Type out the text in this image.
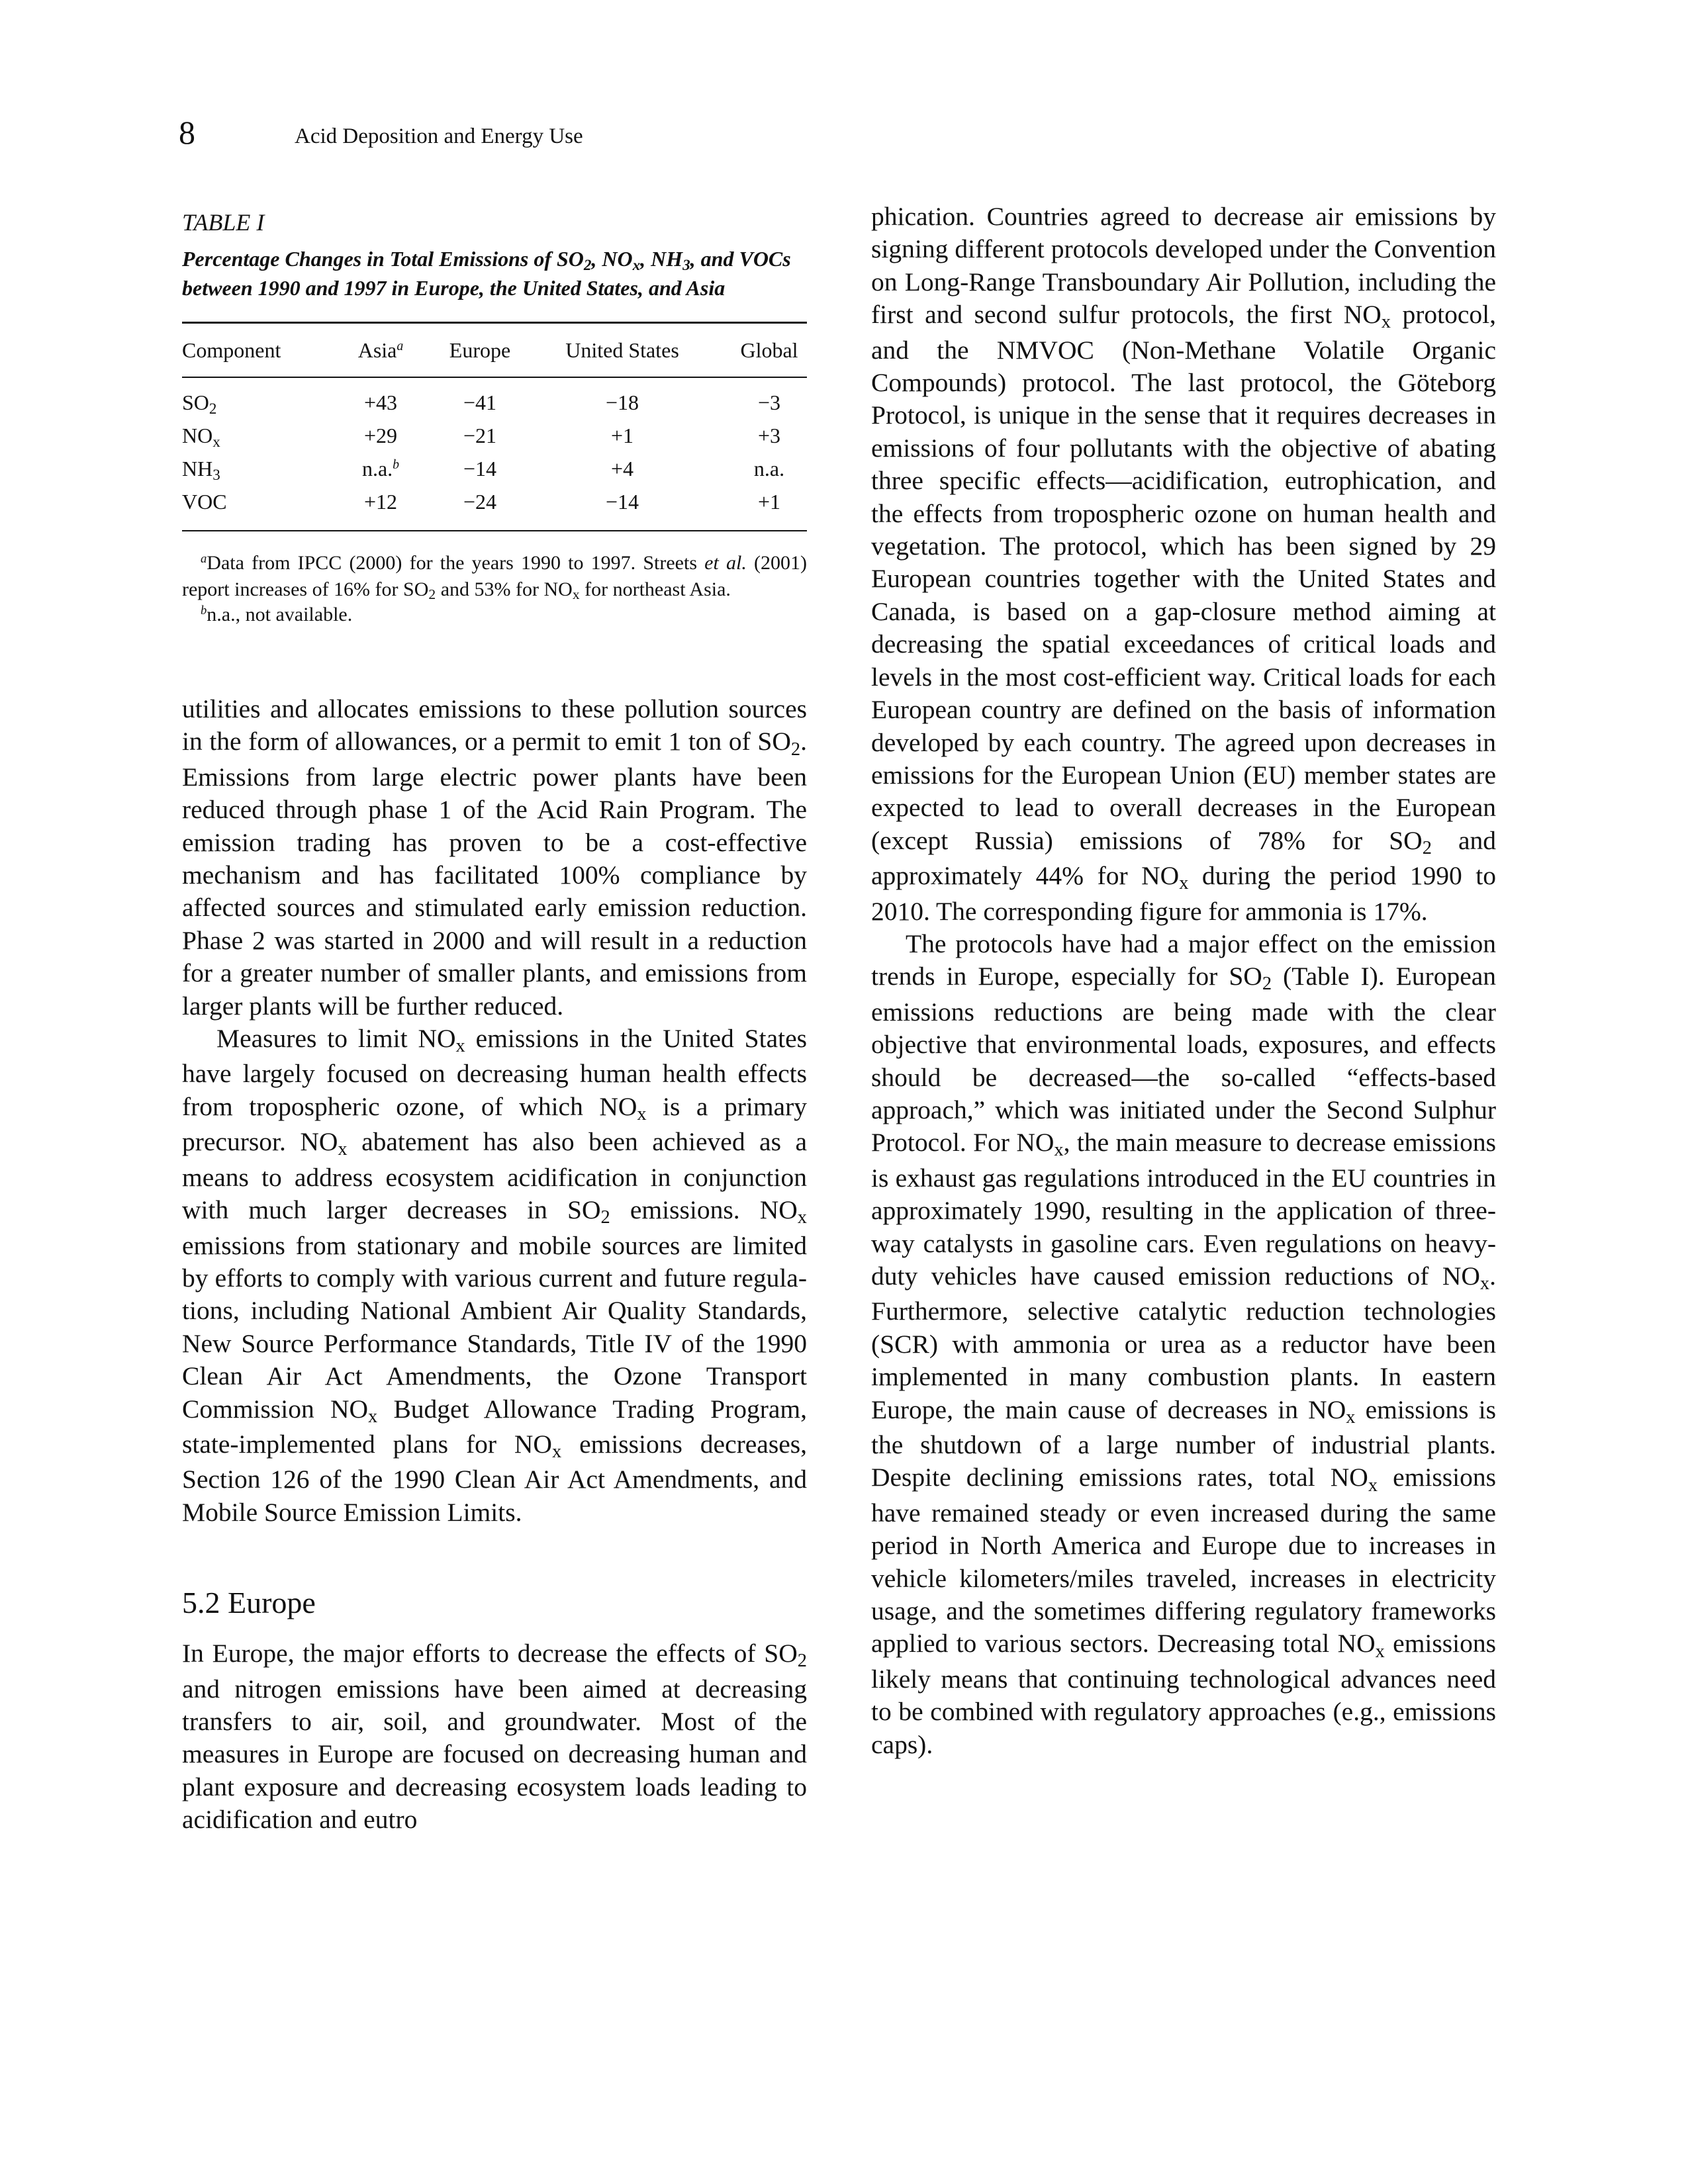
8	Acid Deposition and Energy Use
TABLE I
Percentage Changes in Total Emissions of SO2, NOx, NH3, and VOCs between 1990 and 1997 in Europe, the United States, and Asia
Component	Asia$^a$	Europe	United States	Global
SO2	+43	−41	−18	−3
NOx	+29	−21	+1	+3
NH3	n.a.$^b$	−14	+4	n.a.
VOC	+12	−24	−14	+1

$^a$Data from IPCC (2000) for the years 1990 to 1997. Streets et al. (2001) report increases of 16% for SO2 and 53% for NOx for northeast Asia.

$^b$n.a., not available.

utilities and allocates emissions to these pollution sources in the form of allowances, or a permit to emit 1 ton of SO2. Emissions from large electric power plants have been reduced through phase 1 of the Acid Rain Program. The emission trading has proven to be a cost-effective mechanism and has facilitated 100% compliance by affected sources and stimulated early emission reduction. Phase 2 was started in 2000 and will result in a reduction for a greater number of smaller plants, and emissions from larger plants will be further reduced.

Measures to limit NOx emissions in the United States have largely focused on decreasing human health effects from tropospheric ozone, of which NOx is a primary precursor. NOx abatement has also been achieved as a means to address ecosystem acidification in conjunction with much larger decreases in SO2 emissions. NOx emissions from stationary and mobile sources are limited by efforts to comply with various current and future regulations, including National Ambient Air Quality Standards, New Source Performance Standards, Title IV of the 1990 Clean Air Act Amendments, the Ozone Transport Commission NOx Budget Allowance Trading Program, state-implemented plans for NOx emissions decreases, Section 126 of the 1990 Clean Air Act Amendments, and Mobile Source Emission Limits.

5.2 Europe

In Europe, the major efforts to decrease the effects of SO2 and nitrogen emissions have been aimed at decreasing transfers to air, soil, and groundwater. Most of the measures in Europe are focused on decreasing human and plant exposure and decreasing ecosystem loads leading to acidification and eutro

phication. Countries agreed to decrease air emissions by signing different protocols developed under the Convention on Long-Range Transboundary Air Pollution, including the first and second sulfur protocols, the first NOx protocol, and the NMVOC (Non-Methane Volatile Organic Compounds) protocol. The last protocol, the Göteborg Protocol, is unique in the sense that it requires decreases in emissions of four pollutants with the objective of abating three specific effects—acidification, eutrophication, and the effects from tropospheric ozone on human health and vegetation. The protocol, which has been signed by 29 European countries together with the United States and Canada, is based on a gap-closure method aiming at decreasing the spatial exceedances of critical loads and levels in the most cost-efficient way. Critical loads for each European country are defined on the basis of information developed by each country. The agreed upon decreases in emissions for the European Union (EU) member states are expected to lead to overall decreases in the European (except Russia) emissions of 78% for SO2 and approximately 44% for NOx during the period 1990 to 2010. The corresponding figure for ammonia is 17%.

The protocols have had a major effect on the emission trends in Europe, especially for SO2 (Table I). European emissions reductions are being made with the clear objective that environmental loads, exposures, and effects should be decreased—the so-called “effects-based approach,” which was initiated under the Second Sulphur Protocol. For NOx, the main measure to decrease emissions is exhaust gas regulations introduced in the EU countries in approximately 1990, resulting in the application of three-way catalysts in gasoline cars. Even regulations on heavy-duty vehicles have caused emission reductions of NOx. Furthermore, selective catalytic reduction technologies (SCR) with ammonia or urea as a reductor have been implemented in many combustion plants. In eastern Europe, the main cause of decreases in NOx emissions is the shutdown of a large number of industrial plants. Despite declining emissions rates, total NOx emissions have remained steady or even increased during the same period in North America and Europe due to increases in vehicle kilometers/miles traveled, increases in electricity usage, and the sometimes differing regulatory frameworks applied to various sectors. Decreasing total NOx emissions likely means that continuing technological advances need to be combined with regulatory approaches (e.g., emissions caps).
